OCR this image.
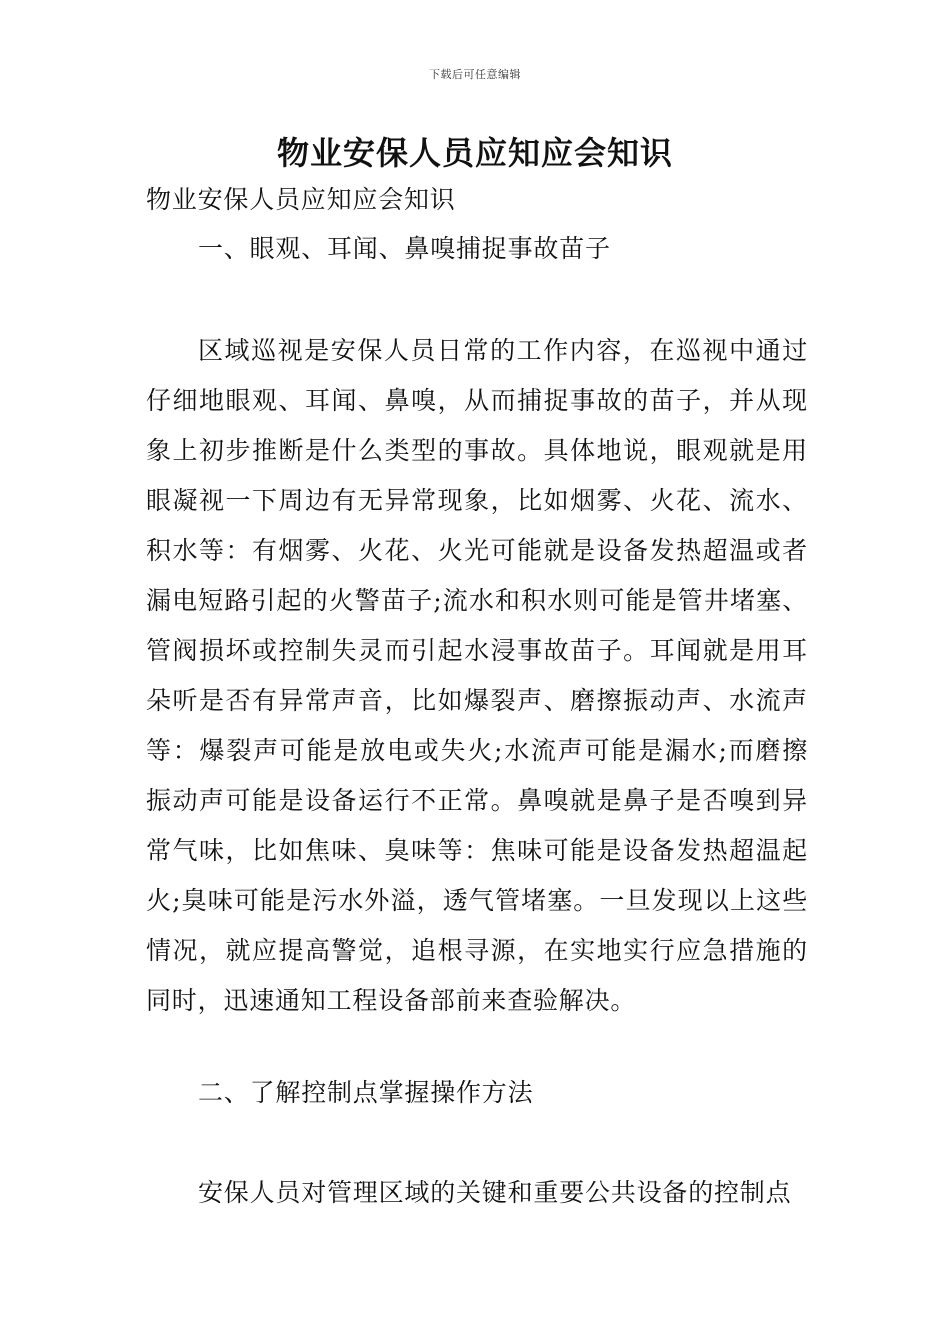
下载后可任意编辑
物业安保人员应知应会知识
物业安保人员应知应会知识
一、眼观、耳闻、鼻嗅捕捉事故苗子
区域巡视是安保人员日常的工作内容，在巡视中通过仔细地眼观、耳闻、鼻嗅，从而捕捉事故的苗子，并从现象上初步推断是什么类型的事故。具体地说，眼观就是用眼凝视一下周边有无异常现象，比如烟雾、火花、流水、积水等：有烟雾、火花、火光可能就是设备发热超温或者漏电短路引起的火警苗子;流水和积水则可能是管井堵塞、管阀损坏或控制失灵而引起水浸事故苗子。耳闻就是用耳朵听是否有异常声音，比如爆裂声、磨擦振动声、水流声等：爆裂声可能是放电或失火;水流声可能是漏水;而磨擦振动声可能是设备运行不正常。鼻嗅就是鼻子是否嗅到异常气味，比如焦味、臭味等：焦味可能是设备发热超温起火;臭味可能是污水外溢，透气管堵塞。一旦发现以上这些情况，就应提高警觉，追根寻源，在实地实行应急措施的同时，迅速通知工程设备部前来查验解决。
二、了解控制点掌握操作方法
安保人员对管理区域的关键和重要公共设备的控制点
